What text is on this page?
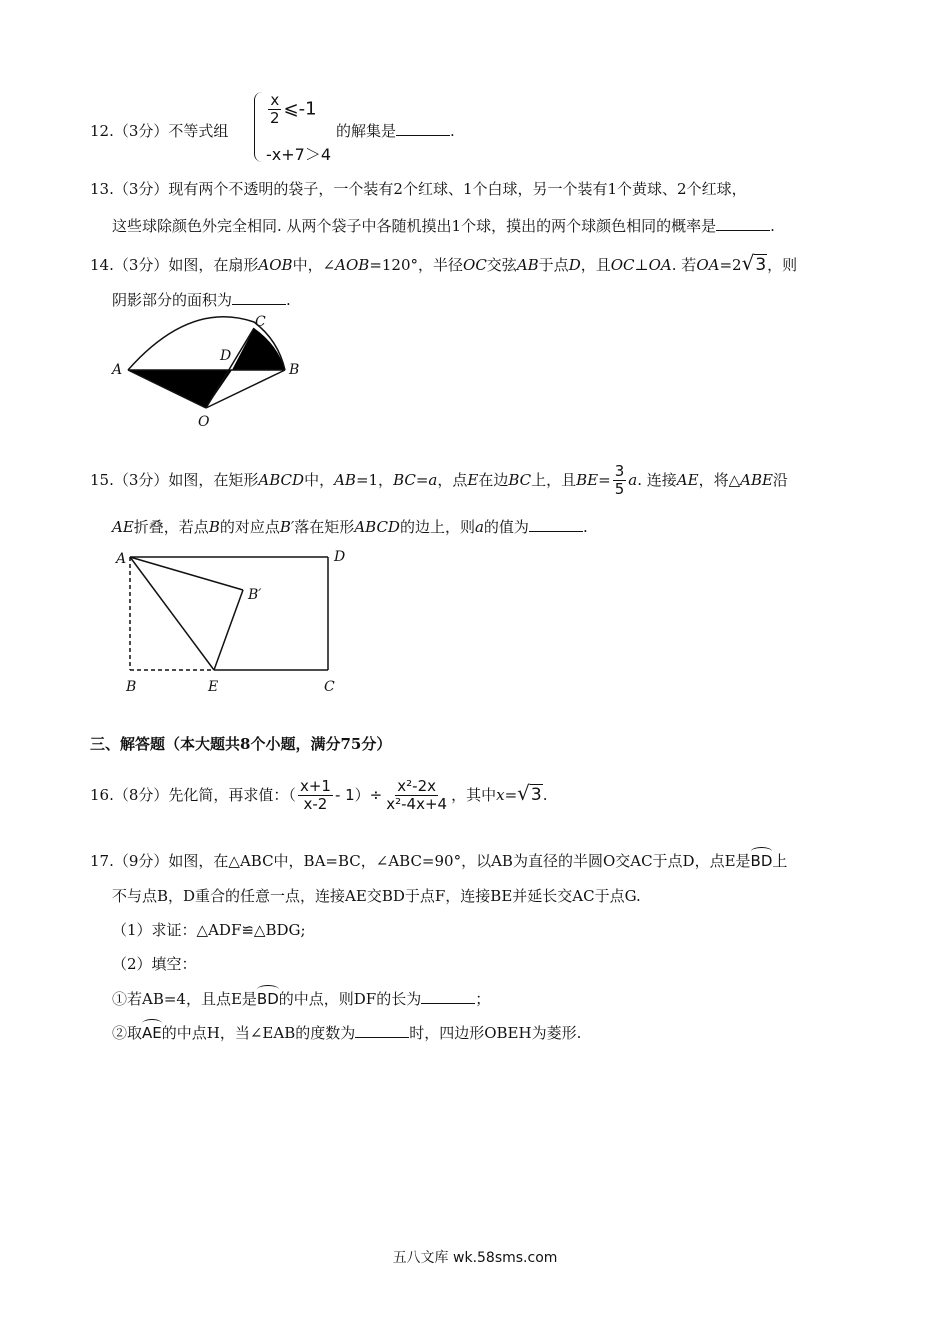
12.（3分）不等式组
$\frac{x}{2}$ ⩽-1
-x+7＞4
的解集是	.
13.（3分）现有两个不透明的袋子，一个装有2个红球、1个白球，另一个装有1个黄球、2个红球，
这些球除颜色外完全相同. 从两个袋子中各随机摸出1个球，摸出的两个球颜色相同的概率是	.
14.（3分）如图，在扇形AOB中，∠AOB=120°，半径OC交弦AB于点D，且OC⊥OA. 若OA=2√3，则
阴影部分的面积为	.
A	B
C
D
O
15.（3分）如图，在矩形ABCD中，AB=1，BC=a，点E在边BC上，且$BE= \frac{3}{5} a$. 连接AE，将△ABE沿
AE折叠，若点B的对应点B′落在矩形ABCD的边上，则a的值为	.
A	D
B′
B	E	C
三、解答题（本大题共8个小题，满分75分）
16.（8分）先化简，再求值：（ $\frac{x+1}{x-2} - 1)\div \frac{\text{x²-2x}}{\text{x²-4x+4}}$ ，其中x=√3.
17.（9分）如图，在△ABC中，BA=BC，∠ABC=90°，以AB为直径的半圆O交AC于点D，点E是BD上
不与点B，D重合的任意一点，连接AE交BD于点F，连接BE并延长交AC于点G.
（1）求证：△ADF≌△BDG;
（2）填空：
①若AB=4，且点E是BD的中点，则DF的长为	；
②取AE的中点H，当∠EAB的度数为	时，四边形OBEH为菱形.
五八文库 wk.58sms.com
